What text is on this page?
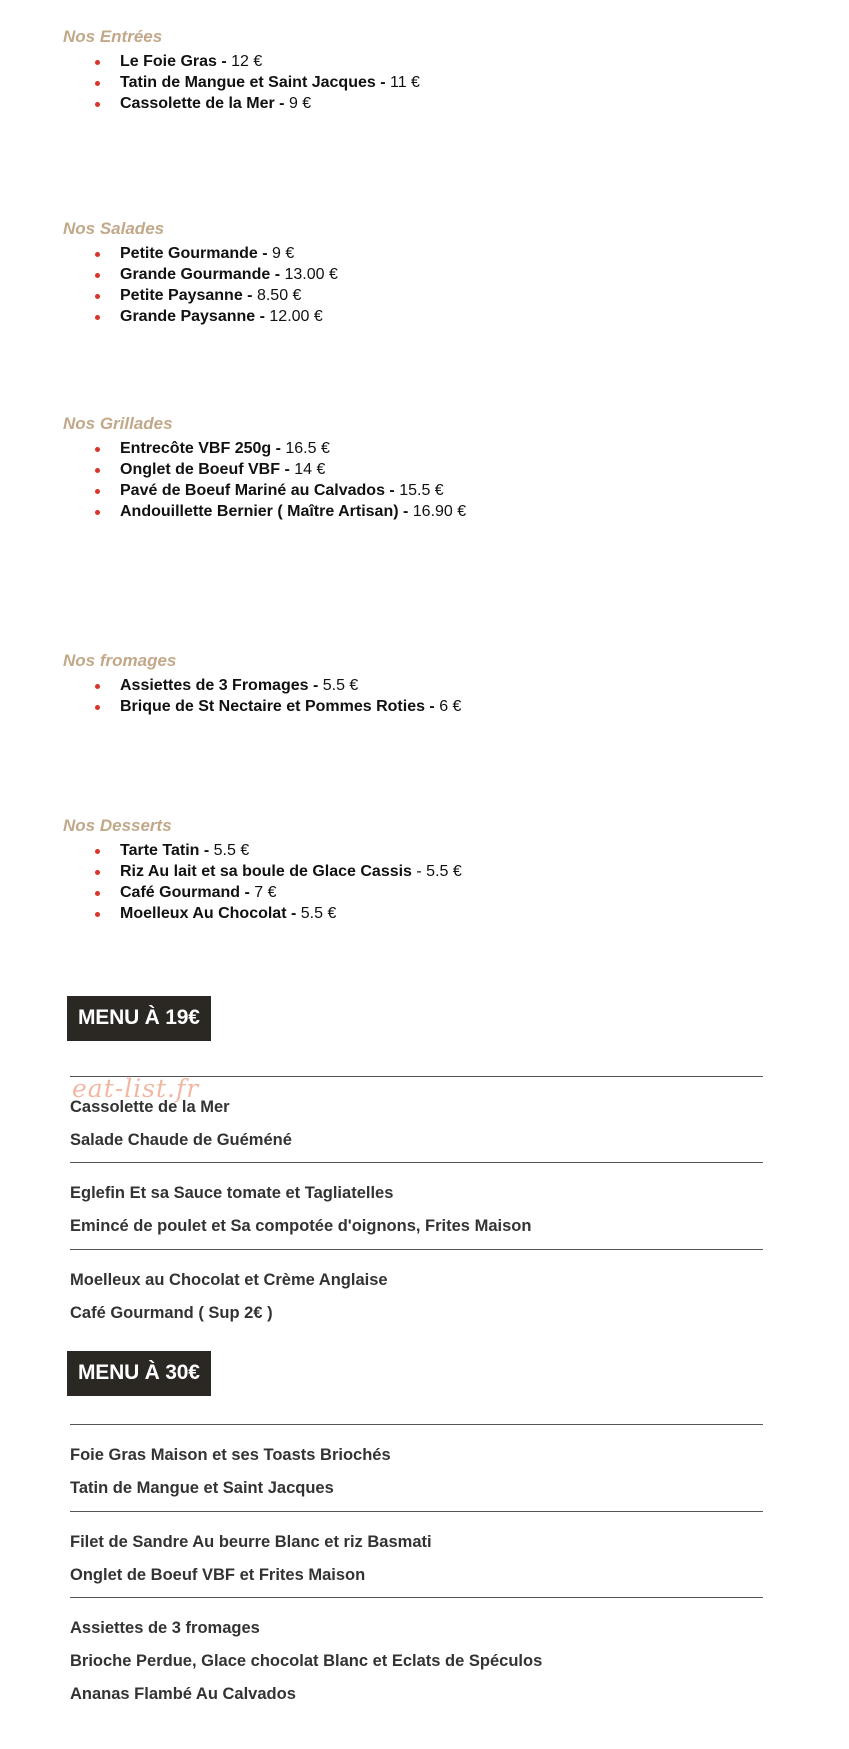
Nos Entrées
Le Foie Gras - 12 €
Tatin de Mangue et Saint Jacques - 11 €
Cassolette de la Mer - 9 €
Nos Salades
Petite Gourmande - 9 €
Grande Gourmande - 13.00 €
Petite Paysanne - 8.50 €
Grande Paysanne - 12.00 €
Nos Grillades
Entrecôte VBF 250g - 16.5 €
Onglet de Boeuf VBF - 14 €
Pavé de Boeuf Mariné au Calvados - 15.5 €
Andouillette Bernier ( Maître Artisan) - 16.90 €
Nos fromages
Assiettes de 3 Fromages - 5.5 €
Brique de St Nectaire et Pommes Roties - 6 €
Nos Desserts
Tarte Tatin - 5.5 €
Riz Au lait et sa boule de Glace Cassis - 5.5 €
Café Gourmand - 7 €
Moelleux Au Chocolat - 5.5 €
MENU À 19€
eat-list.fr

Cassolette de la Mer

Salade Chaude de Guéméné

Eglefin Et sa Sauce tomate et Tagliatelles

Emincé de poulet et Sa compotée d'oignons, Frites Maison

Moelleux au Chocolat et Crème Anglaise

Café Gourmand ( Sup 2€ )

MENU À 30€

Foie Gras Maison et ses Toasts Briochés

Tatin de Mangue et Saint Jacques

Filet de Sandre Au beurre Blanc et riz Basmati

Onglet de Boeuf VBF et Frites Maison

Assiettes de 3 fromages

Brioche Perdue, Glace chocolat Blanc et Eclats de Spéculos

Ananas Flambé Au Calvados
